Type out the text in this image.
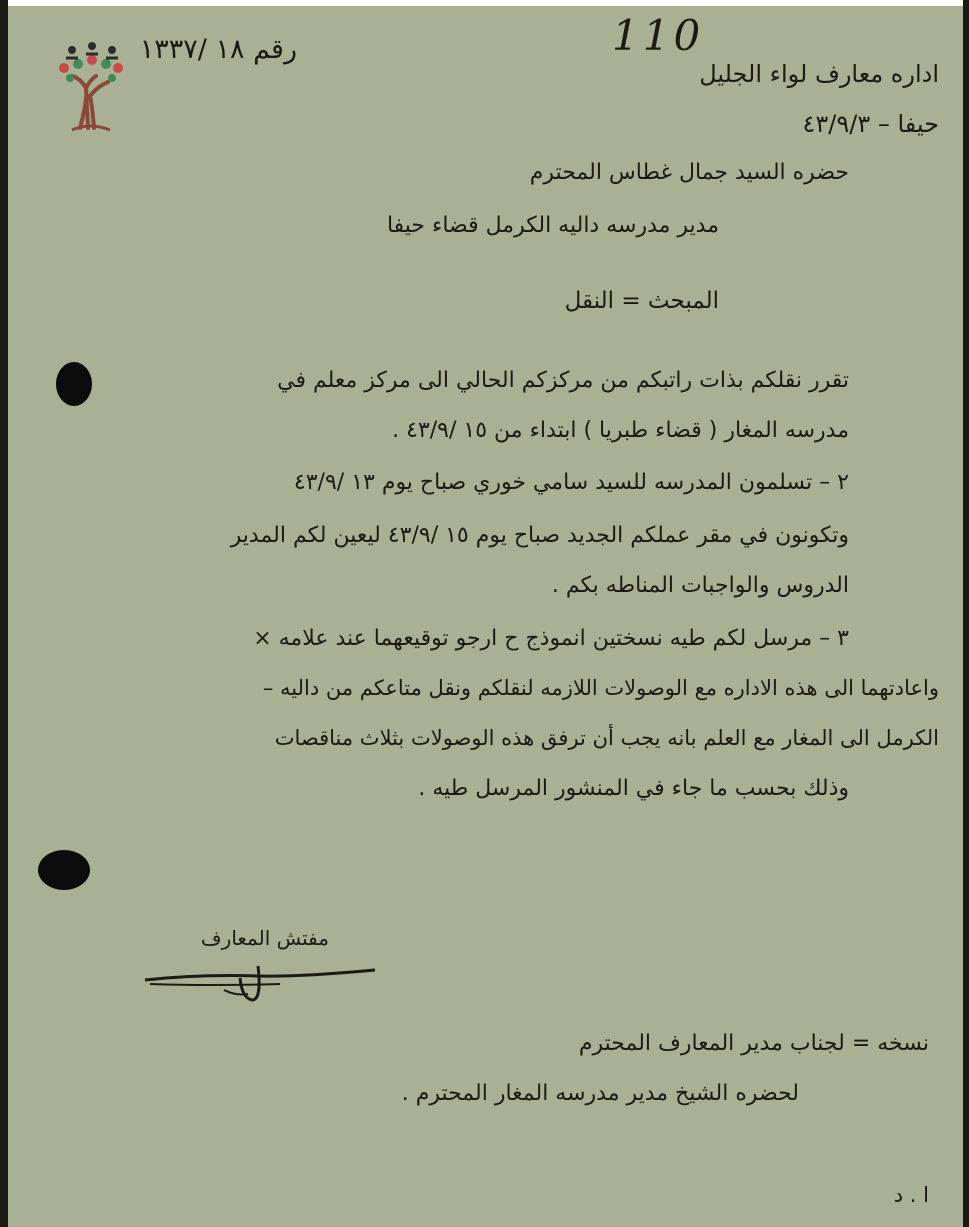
رقم ١٨ /١٣٣٧	110
اداره معارف لواء الجليل
حيفا – ٤٣/٩/٣
حضره السيد جمال غطاس المحترم
مدير مدرسه داليه الكرمل قضاء حيفا
المبحث = النقل
تقرر نقلكم بذات راتبكم من مركزكم الحالي الى مركز معلم في
مدرسه المغار ( قضاء طبريا ) ابتداء من ١٥ /٤٣/٩ .
٢ – تسلمون المدرسه للسيد سامي خوري صباح يوم ١٣ /٤٣/٩
وتكونون في مقر عملكم الجديد صباح يوم ١٥ /٤٣/٩ ليعين لكم المدير
الدروس والواجبات المناطه بكم .
٣ – مرسل لكم طيه نسختين انموذج ح ارجو توقيعهما عند علامه ×
واعادتهما الى هذه الاداره مع الوصولات اللازمه لنقلكم ونقل متاعكم من داليه –
الكرمل الى المغار مع العلم بانه يجب أن ترفق هذه الوصولات بثلاث مناقصات
وذلك بحسب ما جاء في المنشور المرسل طيه .
مفتش المعارف
نسخه = لجناب مدير المعارف المحترم
لحضره الشيخ مدير مدرسه المغار المحترم .
ا . د
